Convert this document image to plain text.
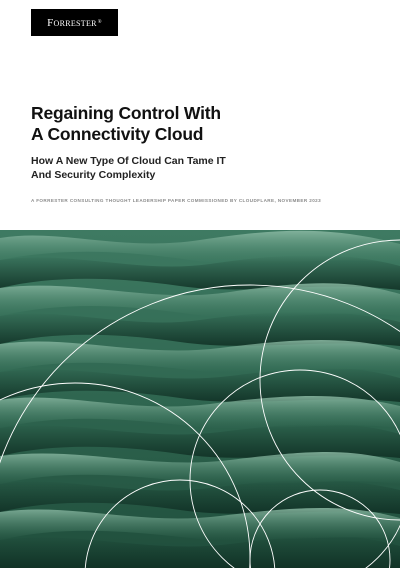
Forrester ®
Regaining Control With
A Connectivity Cloud
How A New Type Of Cloud Can Tame IT
And Security Complexity
A FORRESTER CONSULTING THOUGHT LEADERSHIP PAPER COMMISSIONED BY CLOUDFLARE, NOVEMBER 2023
